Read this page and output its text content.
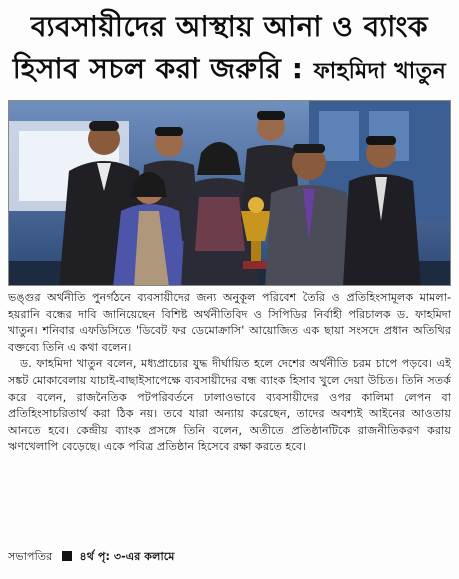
ব্যবসায়ীদের আস্থায় আনা ও ব্যাংক
হিসাব সচল করা জরুরি : ফাহমিদা খাতুন

ভঙ্গুর অর্থনীতি পুনর্গঠনে ব্যবসায়ীদের জন্য অনুকূল পরিবেশ তৈরি ও প্রতিহিংসামূলক মামলা-হয়রানি বন্ধের দাবি জানিয়েছেন বিশিষ্ট অর্থনীতিবিদ ও সিপিডির নির্বাহী পরিচালক ড. ফাহমিদা খাতুন। শনিবার এফডিসিতে 'ডিবেট ফর ডেমোক্রাসি' আয়োজিত এক ছায়া সংসদে প্রধান অতিথির বক্তব্যে তিনি এ কথা বলেন।

ড. ফাহমিদা খাতুন বলেন, মধ্যপ্রাচ্যের যুদ্ধ দীর্ঘায়িত হলে দেশের অর্থনীতি চরম চাপে পড়বে। এই সঙ্কট মোকাবেলায় যাচাই-বাছাইসাপেক্ষে ব্যবসায়ীদের বন্ধ ব্যাংক হিসাব খুলে দেয়া উচিত। তিনি সতর্ক করে বলেন, রাজনৈতিক পটপরিবর্তনে ঢালাওভাবে ব্যবসায়ীদের ওপর কালিমা লেপন বা প্রতিহিংসাচরিতার্থ করা ঠিক নয়। তবে যারা অন্যায় করেছেন, তাদের অবশ্যই আইনের আওতায় আনতে হবে। কেন্দ্রীয় ব্যাংক প্রসঙ্গে তিনি বলেন, অতীতে প্রতিষ্ঠানটিকে রাজনীতিকরণ করায় ঋণখেলাপি বেড়েছে। একে পবিত্র প্রতিষ্ঠান হিসেবে রক্ষা করতে হবে।

সভাপতির ৪র্থ পৃ: ৩-এর কলামে
